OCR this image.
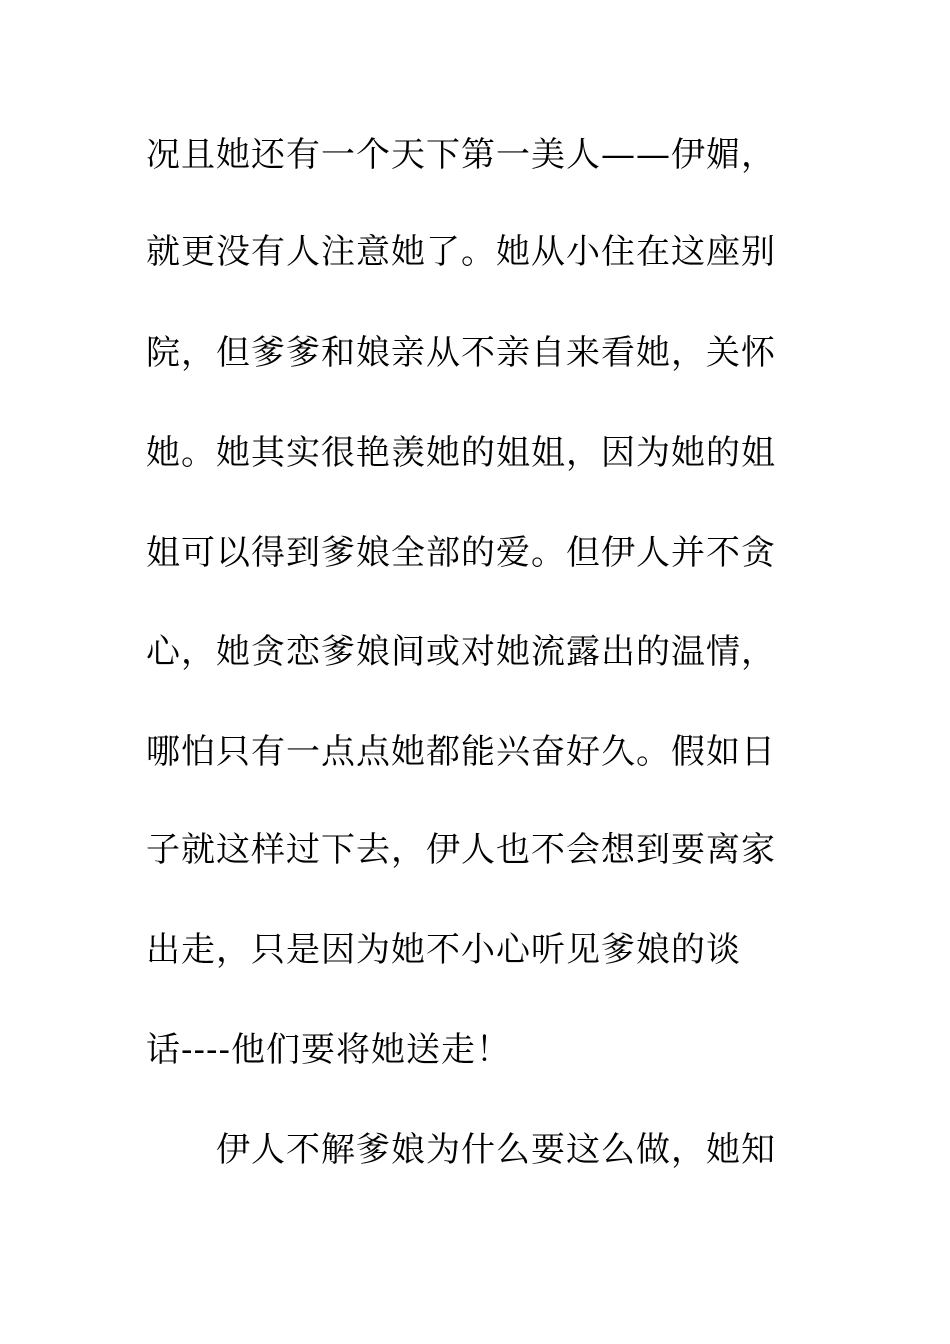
况且她还有一个天下第一美人——伊媚，
就更没有人注意她了。她从小住在这座别
院，但爹爹和娘亲从不亲自来看她，关怀
她。她其实很艳羡她的姐姐，因为她的姐
姐可以得到爹娘全部的爱。但伊人并不贪
心，她贪恋爹娘间或对她流露出的温情，
哪怕只有一点点她都能兴奋好久。假如日
子就这样过下去，伊人也不会想到要离家
出走，只是因为她不小心听见爹娘的谈
话----他们要将她送走！
伊人不解爹娘为什么要这么做，她知
